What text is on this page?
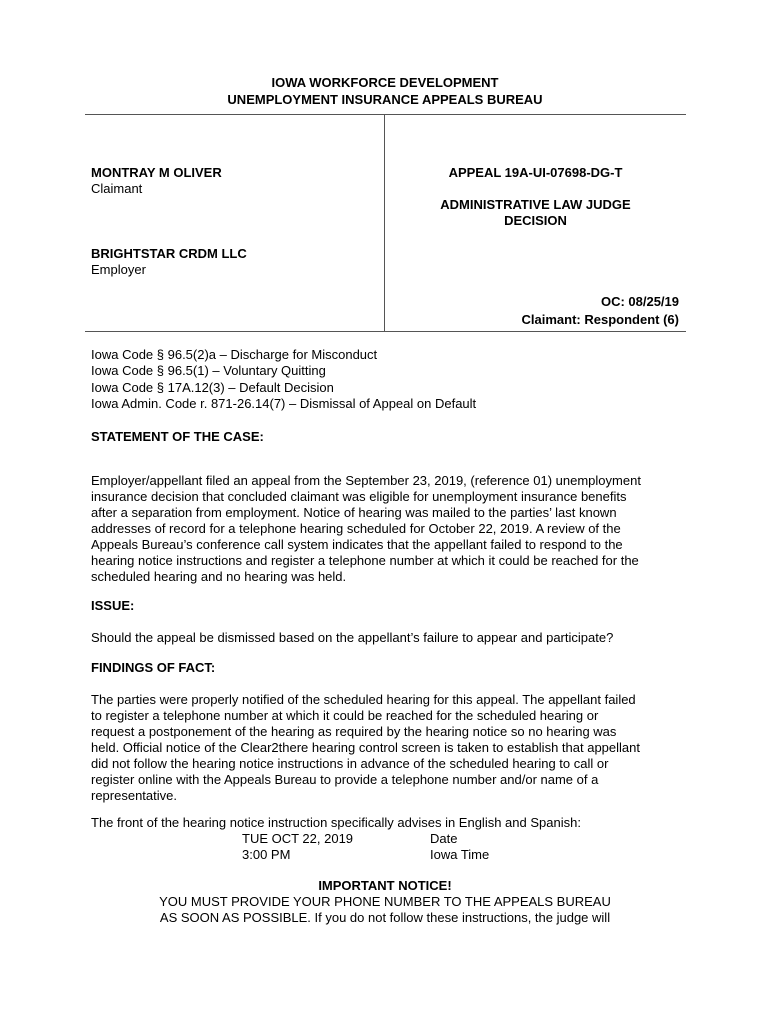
IOWA WORKFORCE DEVELOPMENT
UNEMPLOYMENT INSURANCE APPEALS BUREAU
MONTRAY M OLIVER
Claimant
BRIGHTSTAR CRDM LLC
Employer
APPEAL 19A-UI-07698-DG-T
ADMINISTRATIVE LAW JUDGE
DECISION
OC: 08/25/19
Claimant: Respondent (6)
Iowa Code § 96.5(2)a – Discharge for Misconduct
Iowa Code § 96.5(1) – Voluntary Quitting
Iowa Code § 17A.12(3) – Default Decision
Iowa Admin. Code r. 871-26.14(7) – Dismissal of Appeal on Default
STATEMENT OF THE CASE:
Employer/appellant filed an appeal from the September 23, 2019, (reference 01) unemployment
insurance decision that concluded claimant was eligible for unemployment insurance benefits
after a separation from employment. Notice of hearing was mailed to the parties’ last known
addresses of record for a telephone hearing scheduled for October 22, 2019. A review of the
Appeals Bureau’s conference call system indicates that the appellant failed to respond to the
hearing notice instructions and register a telephone number at which it could be reached for the
scheduled hearing and no hearing was held.
ISSUE:
Should the appeal be dismissed based on the appellant’s failure to appear and participate?
FINDINGS OF FACT:
The parties were properly notified of the scheduled hearing for this appeal. The appellant failed
to register a telephone number at which it could be reached for the scheduled hearing or
request a postponement of the hearing as required by the hearing notice so no hearing was
held. Official notice of the Clear2there hearing control screen is taken to establish that appellant
did not follow the hearing notice instructions in advance of the scheduled hearing to call or
register online with the Appeals Bureau to provide a telephone number and/or name of a
representative.
The front of the hearing notice instruction specifically advises in English and Spanish:
TUE OCT 22, 2019	Date
3:00 PM	Iowa Time
IMPORTANT NOTICE!
YOU MUST PROVIDE YOUR PHONE NUMBER TO THE APPEALS BUREAU
AS SOON AS POSSIBLE. If you do not follow these instructions, the judge will
